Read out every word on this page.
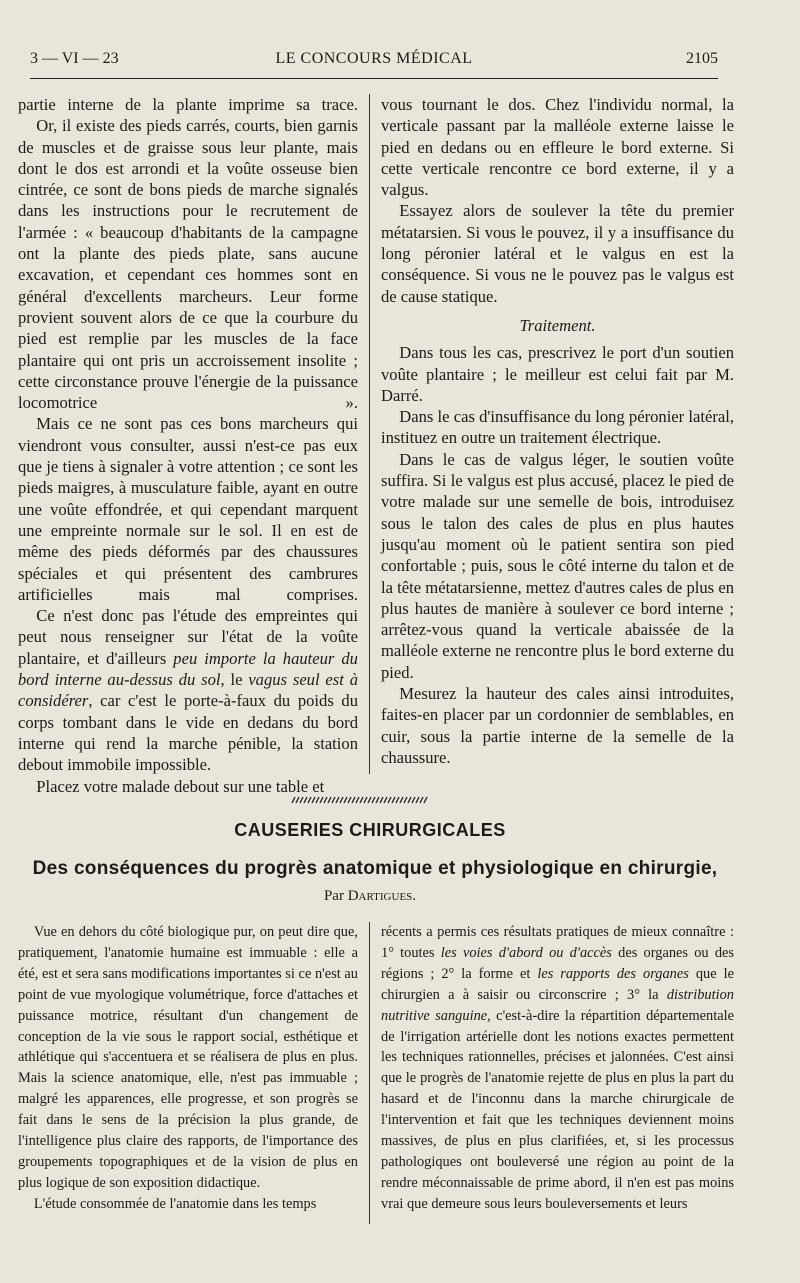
3 — VI — 23	LE CONCOURS MÉDICAL	2105

partie interne de la plante imprime sa trace.

Or, il existe des pieds carrés, courts, bien garnis de muscles et de graisse sous leur plante, mais dont le dos est arrondi et la voûte osseuse bien cintrée, ce sont de bons pieds de marche signalés dans les instructions pour le recrutement de l'armée : « beaucoup d'habitants de la campagne ont la plante des pieds plate, sans aucune excavation, et cependant ces hommes sont en général d'excellents marcheurs. Leur forme provient souvent alors de ce que la courbure du pied est remplie par les muscles de la face plantaire qui ont pris un accroissement insolite ; cette circonstance prouve l'énergie de la puissance locomotrice ».

Mais ce ne sont pas ces bons marcheurs qui viendront vous consulter, aussi n'est-ce pas eux que je tiens à signaler à votre attention ; ce sont les pieds maigres, à musculature faible, ayant en outre une voûte effondrée, et qui cependant marquent une empreinte normale sur le sol. Il en est de même des pieds déformés par des chaussures spéciales et qui présentent des cambrures artificielles mais mal comprises.

Ce n'est donc pas l'étude des empreintes qui peut nous renseigner sur l'état de la voûte plantaire, et d'ailleurs peu importe la hauteur du bord interne au-dessus du sol, le vagus seul est à considérer, car c'est le porte-à-faux du poids du corps tombant dans le vide en dedans du bord interne qui rend la marche pénible, la station debout immobile impossible.

Placez votre malade debout sur une table et

vous tournant le dos. Chez l'individu normal, la verticale passant par la malléole externe laisse le pied en dedans ou en effleure le bord externe. Si cette verticale rencontre ce bord externe, il y a valgus.

Essayez alors de soulever la tête du premier métatarsien. Si vous le pouvez, il y a insuffisance du long péronier latéral et le valgus en est la conséquence. Si vous ne le pouvez pas le valgus est de cause statique.

Traitement.

Dans tous les cas, prescrivez le port d'un soutien voûte plantaire ; le meilleur est celui fait par M. Darré.

Dans le cas d'insuffisance du long péronier latéral, instituez en outre un traitement électrique.

Dans le cas de valgus léger, le soutien voûte suffira. Si le valgus est plus accusé, placez le pied de votre malade sur une semelle de bois, introduisez sous le talon des cales de plus en plus hautes jusqu'au moment où le patient sentira son pied confortable ; puis, sous le côté interne du talon et de la tête métatarsienne, mettez d'autres cales de plus en plus hautes de manière à soulever ce bord interne ; arrêtez-vous quand la verticale abaissée de la malléole externe ne rencontre plus le bord externe du pied.

Mesurez la hauteur des cales ainsi introduites, faites-en placer par un cordonnier de semblables, en cuir, sous la partie interne de la semelle de la chaussure.

CAUSERIES CHIRURGICALES
Des conséquences du progrès anatomique et physiologique en chirurgie,
Par Dartigues.

Vue en dehors du côté biologique pur, on peut dire que, pratiquement, l'anatomie humaine est immuable : elle a été, est et sera sans modifications importantes si ce n'est au point de vue myologique volumétrique, force d'attaches et puissance motrice, résultant d'un changement de conception de la vie sous le rapport social, esthétique et athlétique qui s'accentuera et se réalisera de plus en plus. Mais la science anatomique, elle, n'est pas immuable ; malgré les apparences, elle progresse, et son progrès se fait dans le sens de la précision la plus grande, de l'intelligence plus claire des rapports, de l'importance des groupements topographiques et de la vision de plus en plus logique de son exposition didactique.

L'étude consommée de l'anatomie dans les temps

récents a permis ces résultats pratiques de mieux connaître : 1° toutes les voies d'abord ou d'accès des organes ou des régions ; 2° la forme et les rapports des organes que le chirurgien a à saisir ou circonscrire ; 3° la distribution nutritive sanguine, c'est-à-dire la répartition départementale de l'irrigation artérielle dont les notions exactes permettent les techniques rationnelles, précises et jalonnées. C'est ainsi que le progrès de l'anatomie rejette de plus en plus la part du hasard et de l'inconnu dans la marche chirurgicale de l'intervention et fait que les techniques deviennent moins massives, de plus en plus clarifiées, et, si les processus pathologiques ont bouleversé une région au point de la rendre méconnaissable de prime abord, il n'en est pas moins vrai que demeure sous leurs bouleversements et leurs
